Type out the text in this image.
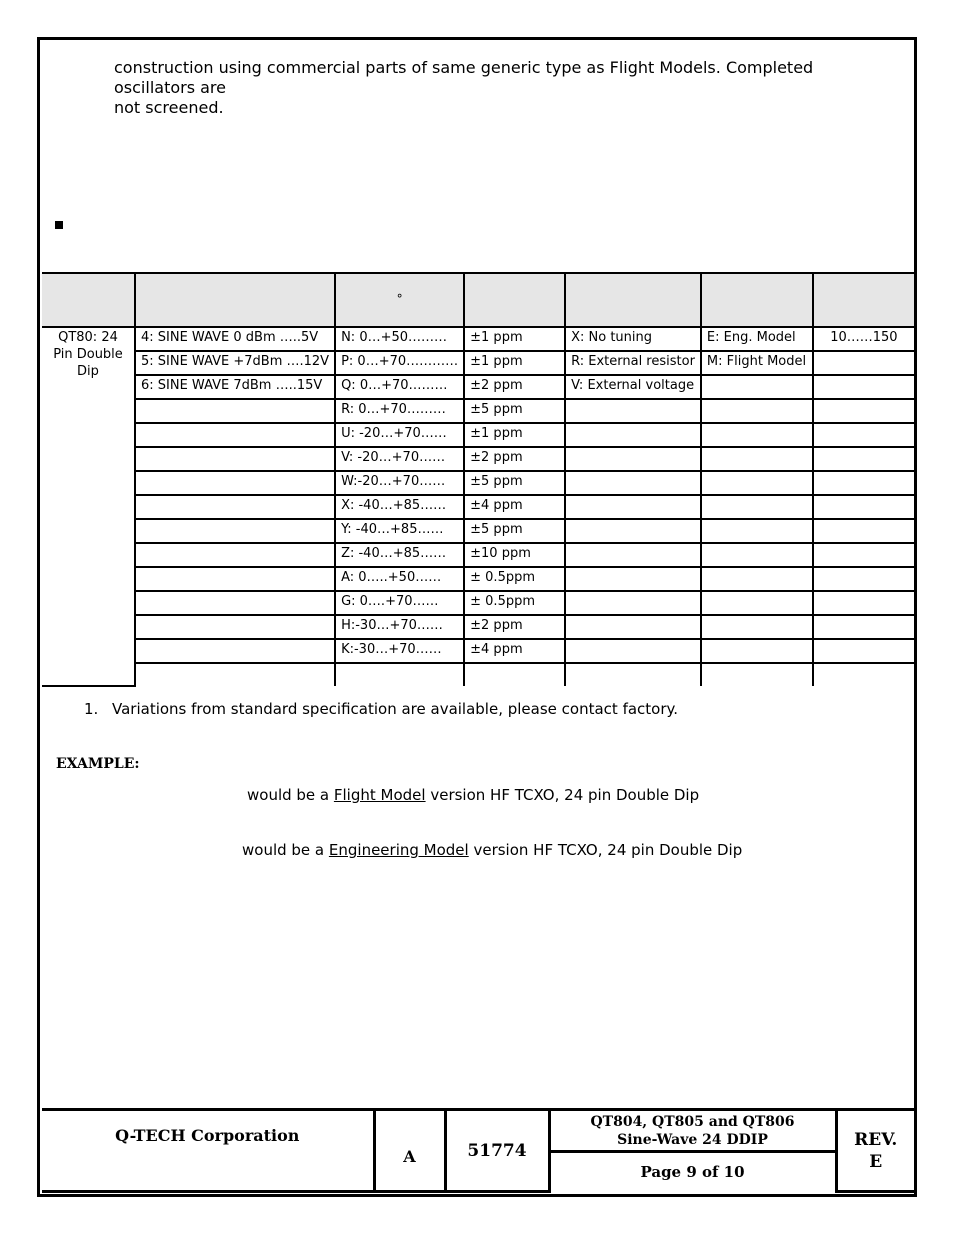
construction using commercial parts of same generic type as Flight Models. Completed oscillators are
not screened.

		°				

QT80: 24 Pin Double Dip	4: SINE WAVE 0 dBm …..5V	N: 0…+50………	±1 ppm	X: No tuning	E: Eng. Model	10……150
	5: SINE WAVE +7dBm ….12V	P: 0…+70…………	±1 ppm	R: External resistor	M: Flight Model	
	6: SINE WAVE 7dBm …..15V	Q: 0…+70………	±2 ppm	V: External voltage		
		R: 0…+70………	±5 ppm			
		U: -20…+70……	±1 ppm			
		V: -20…+70……	±2 ppm			
		W:-20…+70……	±5 ppm			
		X: -40…+85……	±4 ppm			
		Y: -40…+85……	±5 ppm			
		Z: -40…+85……	±10 ppm			
		A: 0…..+50……	± 0.5ppm			
		G: 0….+70……	± 0.5ppm			
		H:-30…+70……	±2 ppm			
		K:-30…+70……	±4 ppm			

1. Variations from standard specification are available, please contact factory.
EXAMPLE:
would be a Flight Model version HF TCXO, 24 pin Double Dip
would be a Engineering Model version HF TCXO, 24 pin Double Dip
Q-TECH Corporation	A	51774	
QT804, QT805 and QT806
Sine-Wave 24 DDIP	REV.
E

Page 9 of 10
